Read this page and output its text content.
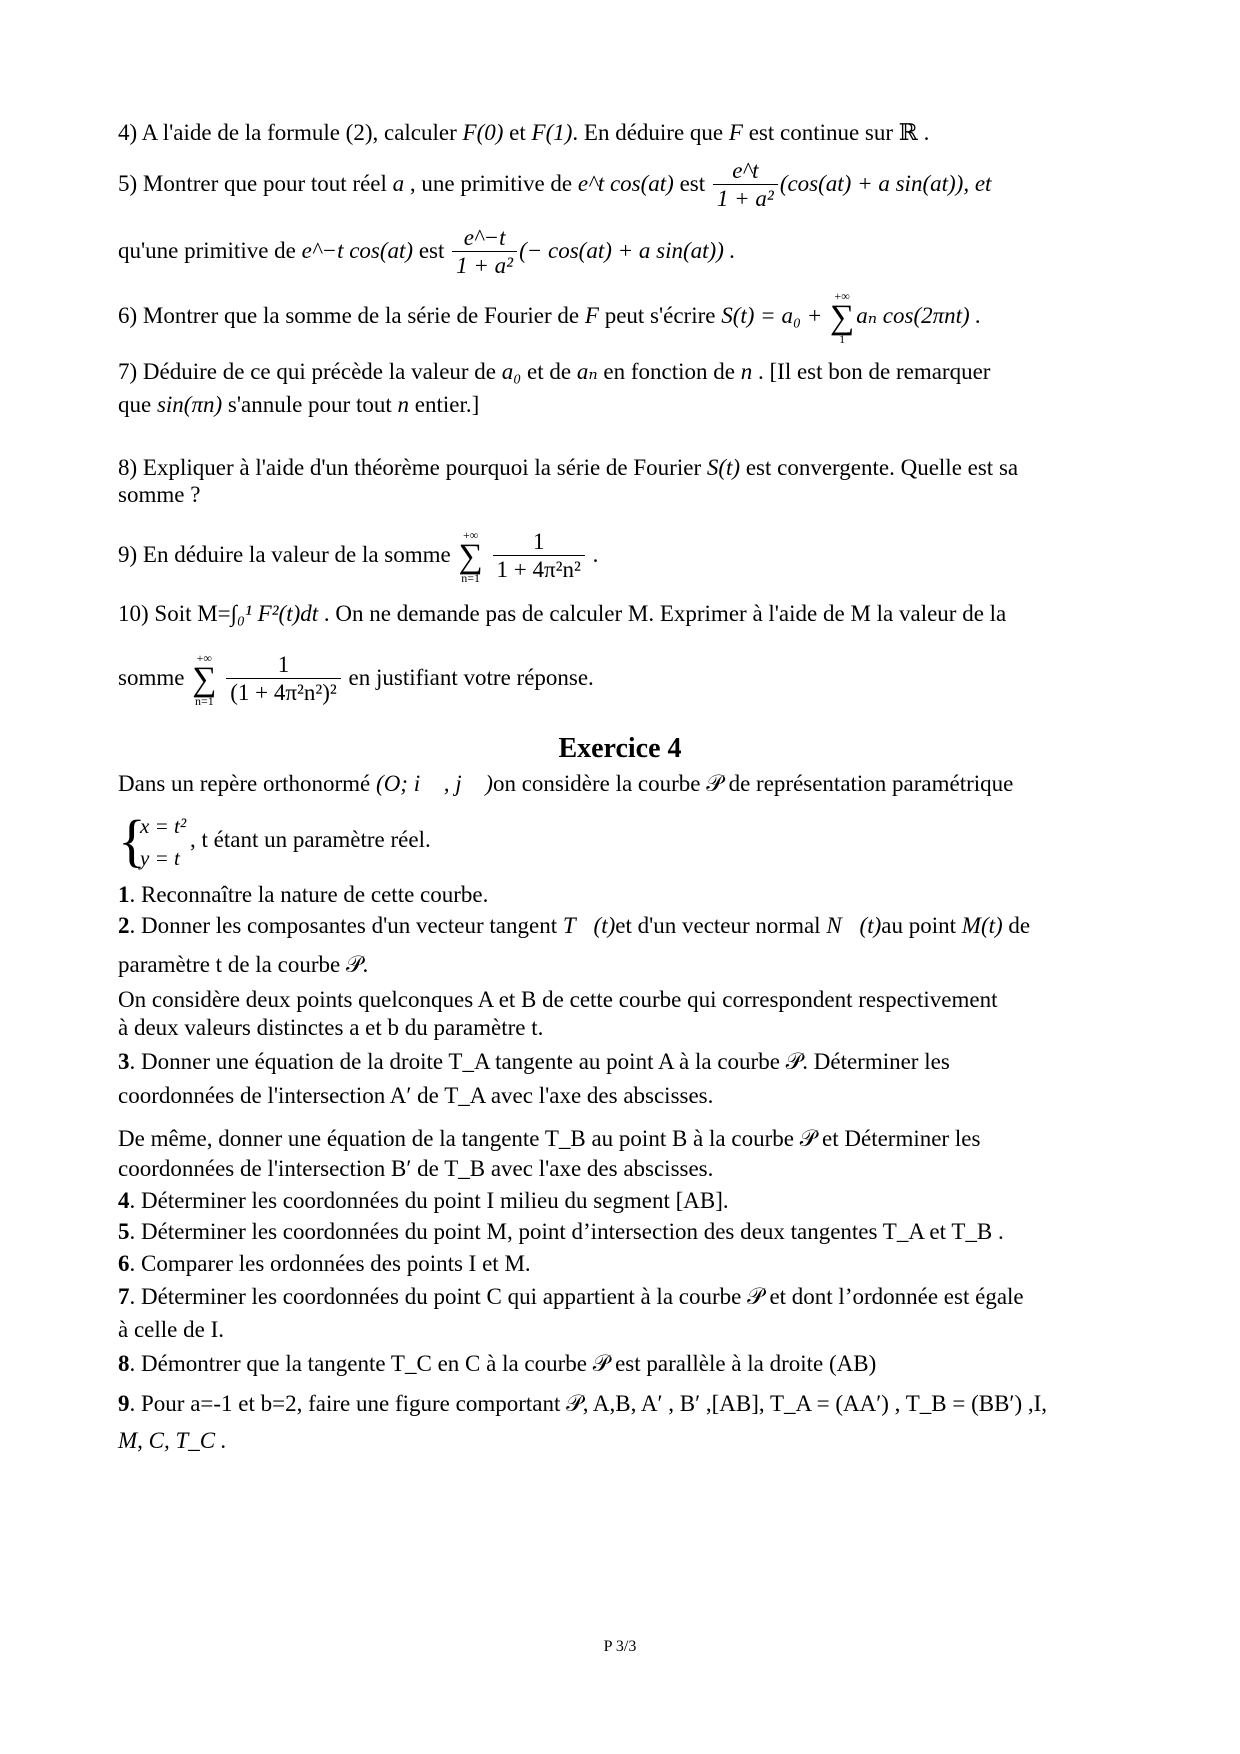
4) A l'aide de la formule (2), calculer F(0) et F(1). En déduire que F est continue sur ℝ .
5) Montrer que pour tout réel a , une primitive de e^t cos(at) est $\frac{e\^{}t}{\text{1 + a²}} (\cos(at) + a$ sin(at)), et
qu'une primitive de e^−t cos(at) est $\frac{e\^{}-t}{\text{1 + a²}}$ (− cos(at) + a sin(at)) .
6) Montrer que la somme de la série de Fourier de F peut s'écrire S(t) = a₀ +
+∞
∑
1
aₙ cos(2πnt) .
7) Déduire de ce qui précède la valeur de a₀ et de aₙ en fonction de n . [Il est bon de remarquer
que sin(πn) s'annule pour tout n entier.]
8) Expliquer à l'aide d'un théorème pourquoi la série de Fourier S(t) est convergente. Quelle est sa
somme ?
9) En déduire la valeur de la somme
+∞
∑
n=1
$\frac{1}{\text{1 + 4π²n²}}$ .
10) Soit M=∫₀¹ F²(t)dt . On ne demande pas de calculer M. Exprimer à l'aide de M la valeur de la
somme
+∞
∑
n=1
$\frac{1}{\text{(1 + 4π²n²)²}}$ en justifiant votre réponse.
Exercice 4
Dans un repère orthonormé (O; i⃗ , j⃗ )on considère la courbe 𝒫 de représentation paramétrique
{
x = t²
y = t
, t étant un paramètre réel.
1. Reconnaître la nature de cette courbe.
2. Donner les composantes d'un vecteur tangent T⃗(t)et d'un vecteur normal N⃗(t)au point M(t) de
paramètre t de la courbe 𝒫.
On considère deux points quelconques A et B de cette courbe qui correspondent respectivement
à deux valeurs distinctes a et b du paramètre t.
3. Donner une équation de la droite T_A tangente au point A à la courbe 𝒫. Déterminer les
coordonnées de l'intersection A′ de T_A avec l'axe des abscisses.
De même, donner une équation de la tangente T_B au point B à la courbe 𝒫 et Déterminer les
coordonnées de l'intersection B′ de T_B avec l'axe des abscisses.
4. Déterminer les coordonnées du point I milieu du segment [AB].
5. Déterminer les coordonnées du point M, point d’intersection des deux tangentes T_A et T_B .
6. Comparer les ordonnées des points I et M.
7. Déterminer les coordonnées du point C qui appartient à la courbe 𝒫 et dont l’ordonnée est égale
à celle de I.
8. Démontrer que la tangente T_C en C à la courbe 𝒫 est parallèle à la droite (AB)
9. Pour a=-1 et b=2, faire une figure comportant 𝒫, A,B, A′ , B′ ,[AB], T_A = (AA′) , T_B = (BB′) ,I,
M, C, T_C .
P 3/3
